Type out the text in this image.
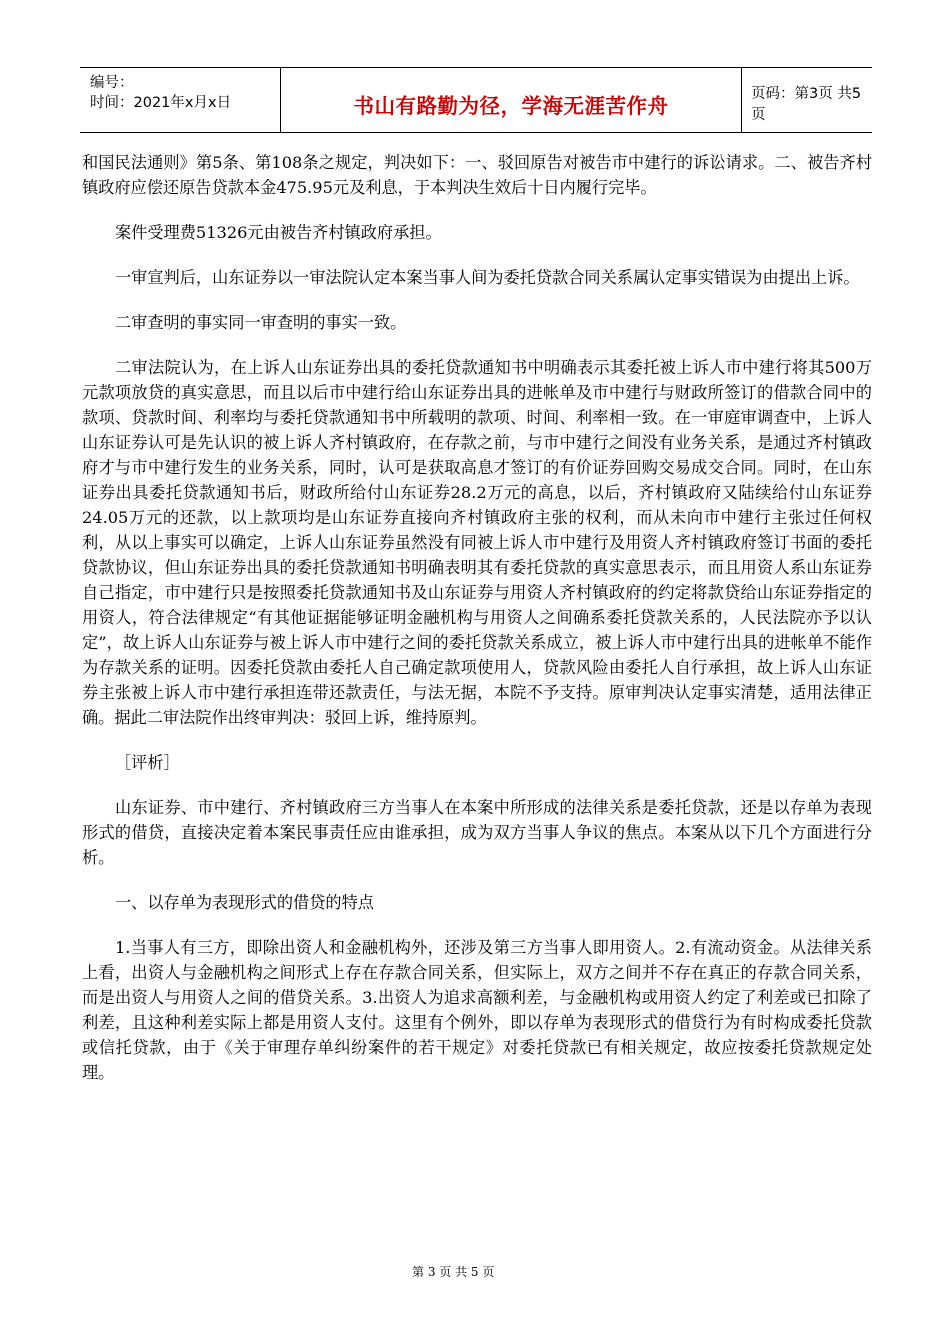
编号：
时间：2021年x月x日	书山有路勤为径，学海无涯苦作舟	页码：第3页 共5页

和国民法通则》第5条、第108条之规定，判决如下：一、驳回原告对被告市中建行的诉讼请求。二、被告齐村镇政府应偿还原告贷款本金475.95元及利息，于本判决生效后十日内履行完毕。

案件受理费51326元由被告齐村镇政府承担。

一审宣判后，山东证券以一审法院认定本案当事人间为委托贷款合同关系属认定事实错误为由提出上诉。

二审查明的事实同一审查明的事实一致。

二审法院认为，在上诉人山东证券出具的委托贷款通知书中明确表示其委托被上诉人市中建行将其500万元款项放贷的真实意思，而且以后市中建行给山东证券出具的进帐单及市中建行与财政所签订的借款合同中的款项、贷款时间、利率均与委托贷款通知书中所载明的款项、时间、利率相一致。在一审庭审调查中，上诉人山东证券认可是先认识的被上诉人齐村镇政府，在存款之前，与市中建行之间没有业务关系，是通过齐村镇政府才与市中建行发生的业务关系，同时，认可是获取高息才签订的有价证券回购交易成交合同。同时，在山东证券出具委托贷款通知书后，财政所给付山东证券28.2万元的高息，以后，齐村镇政府又陆续给付山东证券24.05万元的还款，以上款项均是山东证券直接向齐村镇政府主张的权利，而从未向市中建行主张过任何权利，从以上事实可以确定，上诉人山东证券虽然没有同被上诉人市中建行及用资人齐村镇政府签订书面的委托贷款协议，但山东证券出具的委托贷款通知书明确表明其有委托贷款的真实意思表示，而且用资人系山东证券自己指定，市中建行只是按照委托贷款通知书及山东证券与用资人齐村镇政府的约定将款贷给山东证券指定的用资人，符合法律规定“有其他证据能够证明金融机构与用资人之间确系委托贷款关系的，人民法院亦予以认定”，故上诉人山东证券与被上诉人市中建行之间的委托贷款关系成立，被上诉人市中建行出具的进帐单不能作为存款关系的证明。因委托贷款由委托人自己确定款项使用人，贷款风险由委托人自行承担，故上诉人山东证券主张被上诉人市中建行承担连带还款责任，与法无据，本院不予支持。原审判决认定事实清楚，适用法律正确。据此二审法院作出终审判决：驳回上诉，维持原判。

［评析］

山东证券、市中建行、齐村镇政府三方当事人在本案中所形成的法律关系是委托贷款，还是以存单为表现形式的借贷，直接决定着本案民事责任应由谁承担，成为双方当事人争议的焦点。本案从以下几个方面进行分析。

一、以存单为表现形式的借贷的特点

1.当事人有三方，即除出资人和金融机构外，还涉及第三方当事人即用资人。2.有流动资金。从法律关系上看，出资人与金融机构之间形式上存在存款合同关系，但实际上，双方之间并不存在真正的存款合同关系，而是出资人与用资人之间的借贷关系。3.出资人为追求高额利差，与金融机构或用资人约定了利差或已扣除了利差，且这种利差实际上都是用资人支付。这里有个例外，即以存单为表现形式的借贷行为有时构成委托贷款或信托贷款，由于《关于审理存单纠纷案件的若干规定》对委托贷款已有相关规定，故应按委托贷款规定处理。

第 3 页 共 5 页
